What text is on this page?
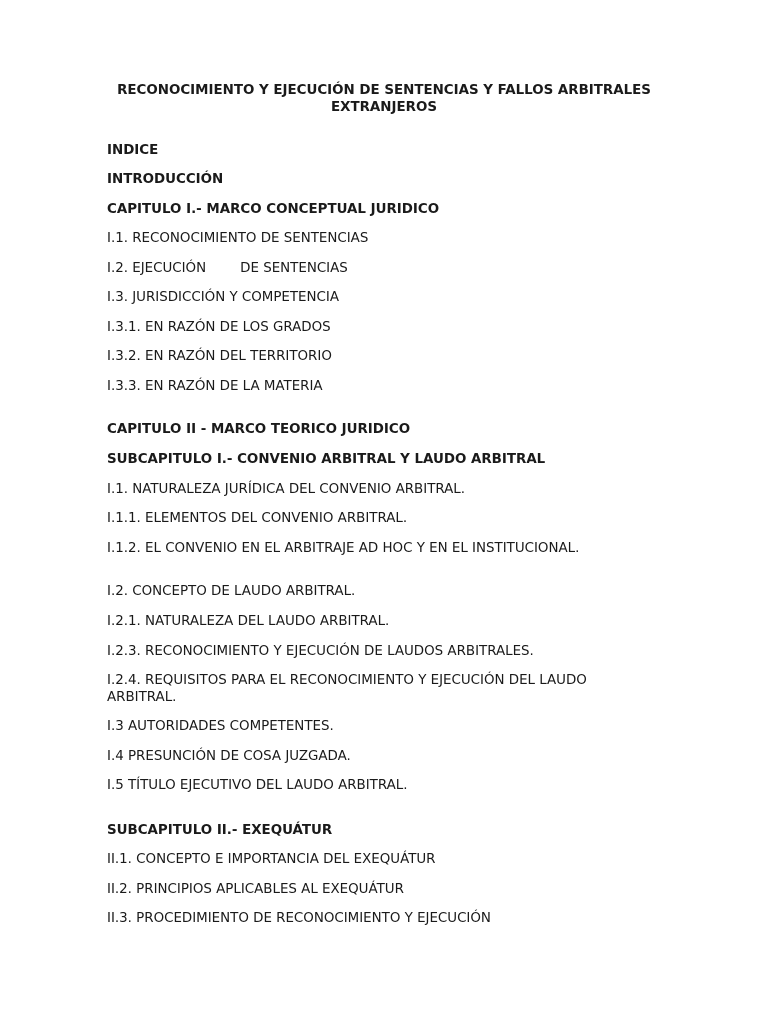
RECONOCIMIENTO Y EJECUCIÓN DE SENTENCIAS Y FALLOS ARBITRALES EXTRANJEROS
INDICE
INTRODUCCIÓN
CAPITULO I.- MARCO CONCEPTUAL JURIDICO
I.1. RECONOCIMIENTO DE SENTENCIAS
I.2. EJECUCIÓN        DE SENTENCIAS
I.3. JURISDICCIÓN Y COMPETENCIA
I.3.1. EN RAZÓN DE LOS GRADOS
I.3.2. EN RAZÓN DEL TERRITORIO
I.3.3. EN RAZÓN DE LA MATERIA
CAPITULO II - MARCO TEORICO JURIDICO
SUBCAPITULO I.- CONVENIO ARBITRAL Y LAUDO ARBITRAL
I.1. NATURALEZA JURÍDICA DEL CONVENIO ARBITRAL.
I.1.1. ELEMENTOS DEL CONVENIO ARBITRAL.
I.1.2. EL CONVENIO EN EL ARBITRAJE AD HOC Y EN EL INSTITUCIONAL.
I.2. CONCEPTO DE LAUDO ARBITRAL.
I.2.1. NATURALEZA DEL LAUDO ARBITRAL.
I.2.3. RECONOCIMIENTO Y EJECUCIÓN DE LAUDOS ARBITRALES.
I.2.4. REQUISITOS PARA EL RECONOCIMIENTO Y EJECUCIÓN DEL LAUDO
ARBITRAL.
I.3 AUTORIDADES COMPETENTES.
I.4 PRESUNCIÓN DE COSA JUZGADA.
I.5 TÍTULO EJECUTIVO DEL LAUDO ARBITRAL.
SUBCAPITULO II.- EXEQUÁTUR
II.1. CONCEPTO E IMPORTANCIA DEL EXEQUÁTUR
II.2. PRINCIPIOS APLICABLES AL EXEQUÁTUR
II.3. PROCEDIMIENTO DE RECONOCIMIENTO Y EJECUCIÓN
